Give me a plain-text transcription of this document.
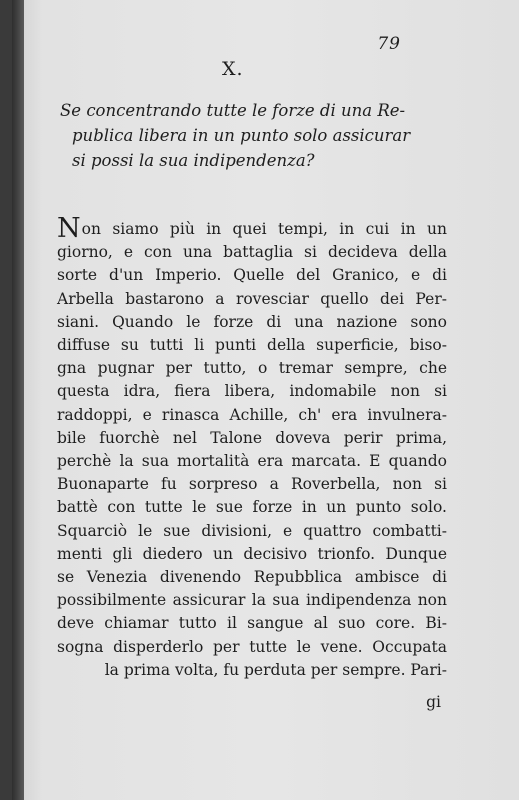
79
X.
Se concentrando tutte le forze di una Re-
publica libera in un punto solo assicurar
si possi la sua indipendenza?
Non siamo più in quei tempi, in cui in un
giorno, e con una battaglia si decideva della
sorte d'un Imperio. Quelle del Granico, e di
Arbella bastarono a rovesciar quello dei Per-
siani. Quando le forze di una nazione sono
diffuse su tutti li punti della superficie, biso-
gna pugnar per tutto, o tremar sempre, che
questa idra, fiera libera, indomabile non si
raddoppi, e rinasca Achille, ch' era invulnera-
bile fuorchè nel Talone doveva perir prima,
perchè la sua mortalità era marcata. E quando
Buonaparte fu sorpreso a Roverbella, non si
battè con tutte le sue forze in un punto solo.
Squarciò le sue divisioni, e quattro combatti-
menti gli diedero un decisivo trionfo. Dunque
se Venezia divenendo Repubblica ambisce di
possibilmente assicurar la sua indipendenza non
deve chiamar tutto il sangue al suo core. Bi-
sogna disperderlo per tutte le vene. Occupata
la prima volta, fu perduta per sempre. Pari-
gi
